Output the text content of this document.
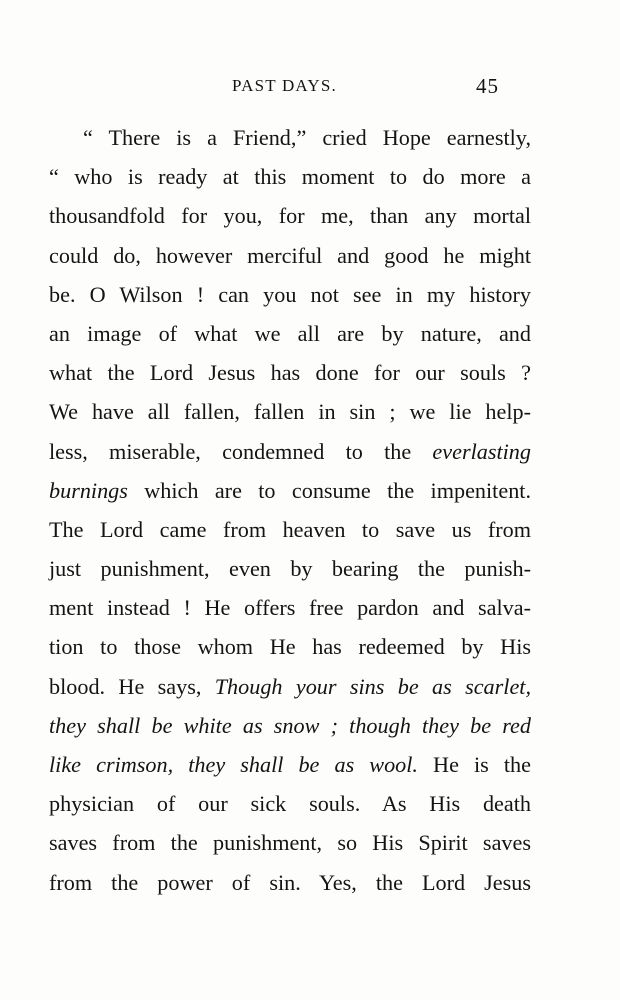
PAST DAYS.	45
“ There is a Friend,” cried Hope earnestly,
“ who is ready at this moment to do more a
thousandfold for you, for me, than any mortal
could do, however merciful and good he might
be. O Wilson ! can you not see in my history
an image of what we all are by nature, and
what the Lord Jesus has done for our souls ?
We have all fallen, fallen in sin ; we lie help-
less, miserable, condemned to the everlasting
burnings which are to consume the impenitent.
The Lord came from heaven to save us from
just punishment, even by bearing the punish-
ment instead ! He offers free pardon and salva-
tion to those whom He has redeemed by His
blood. He says, Though your sins be as scarlet,
they shall be white as snow ; though they be red
like crimson, they shall be as wool. He is the
physician of our sick souls. As His death
saves from the punishment, so His Spirit saves
from the power of sin. Yes, the Lord Jesus
